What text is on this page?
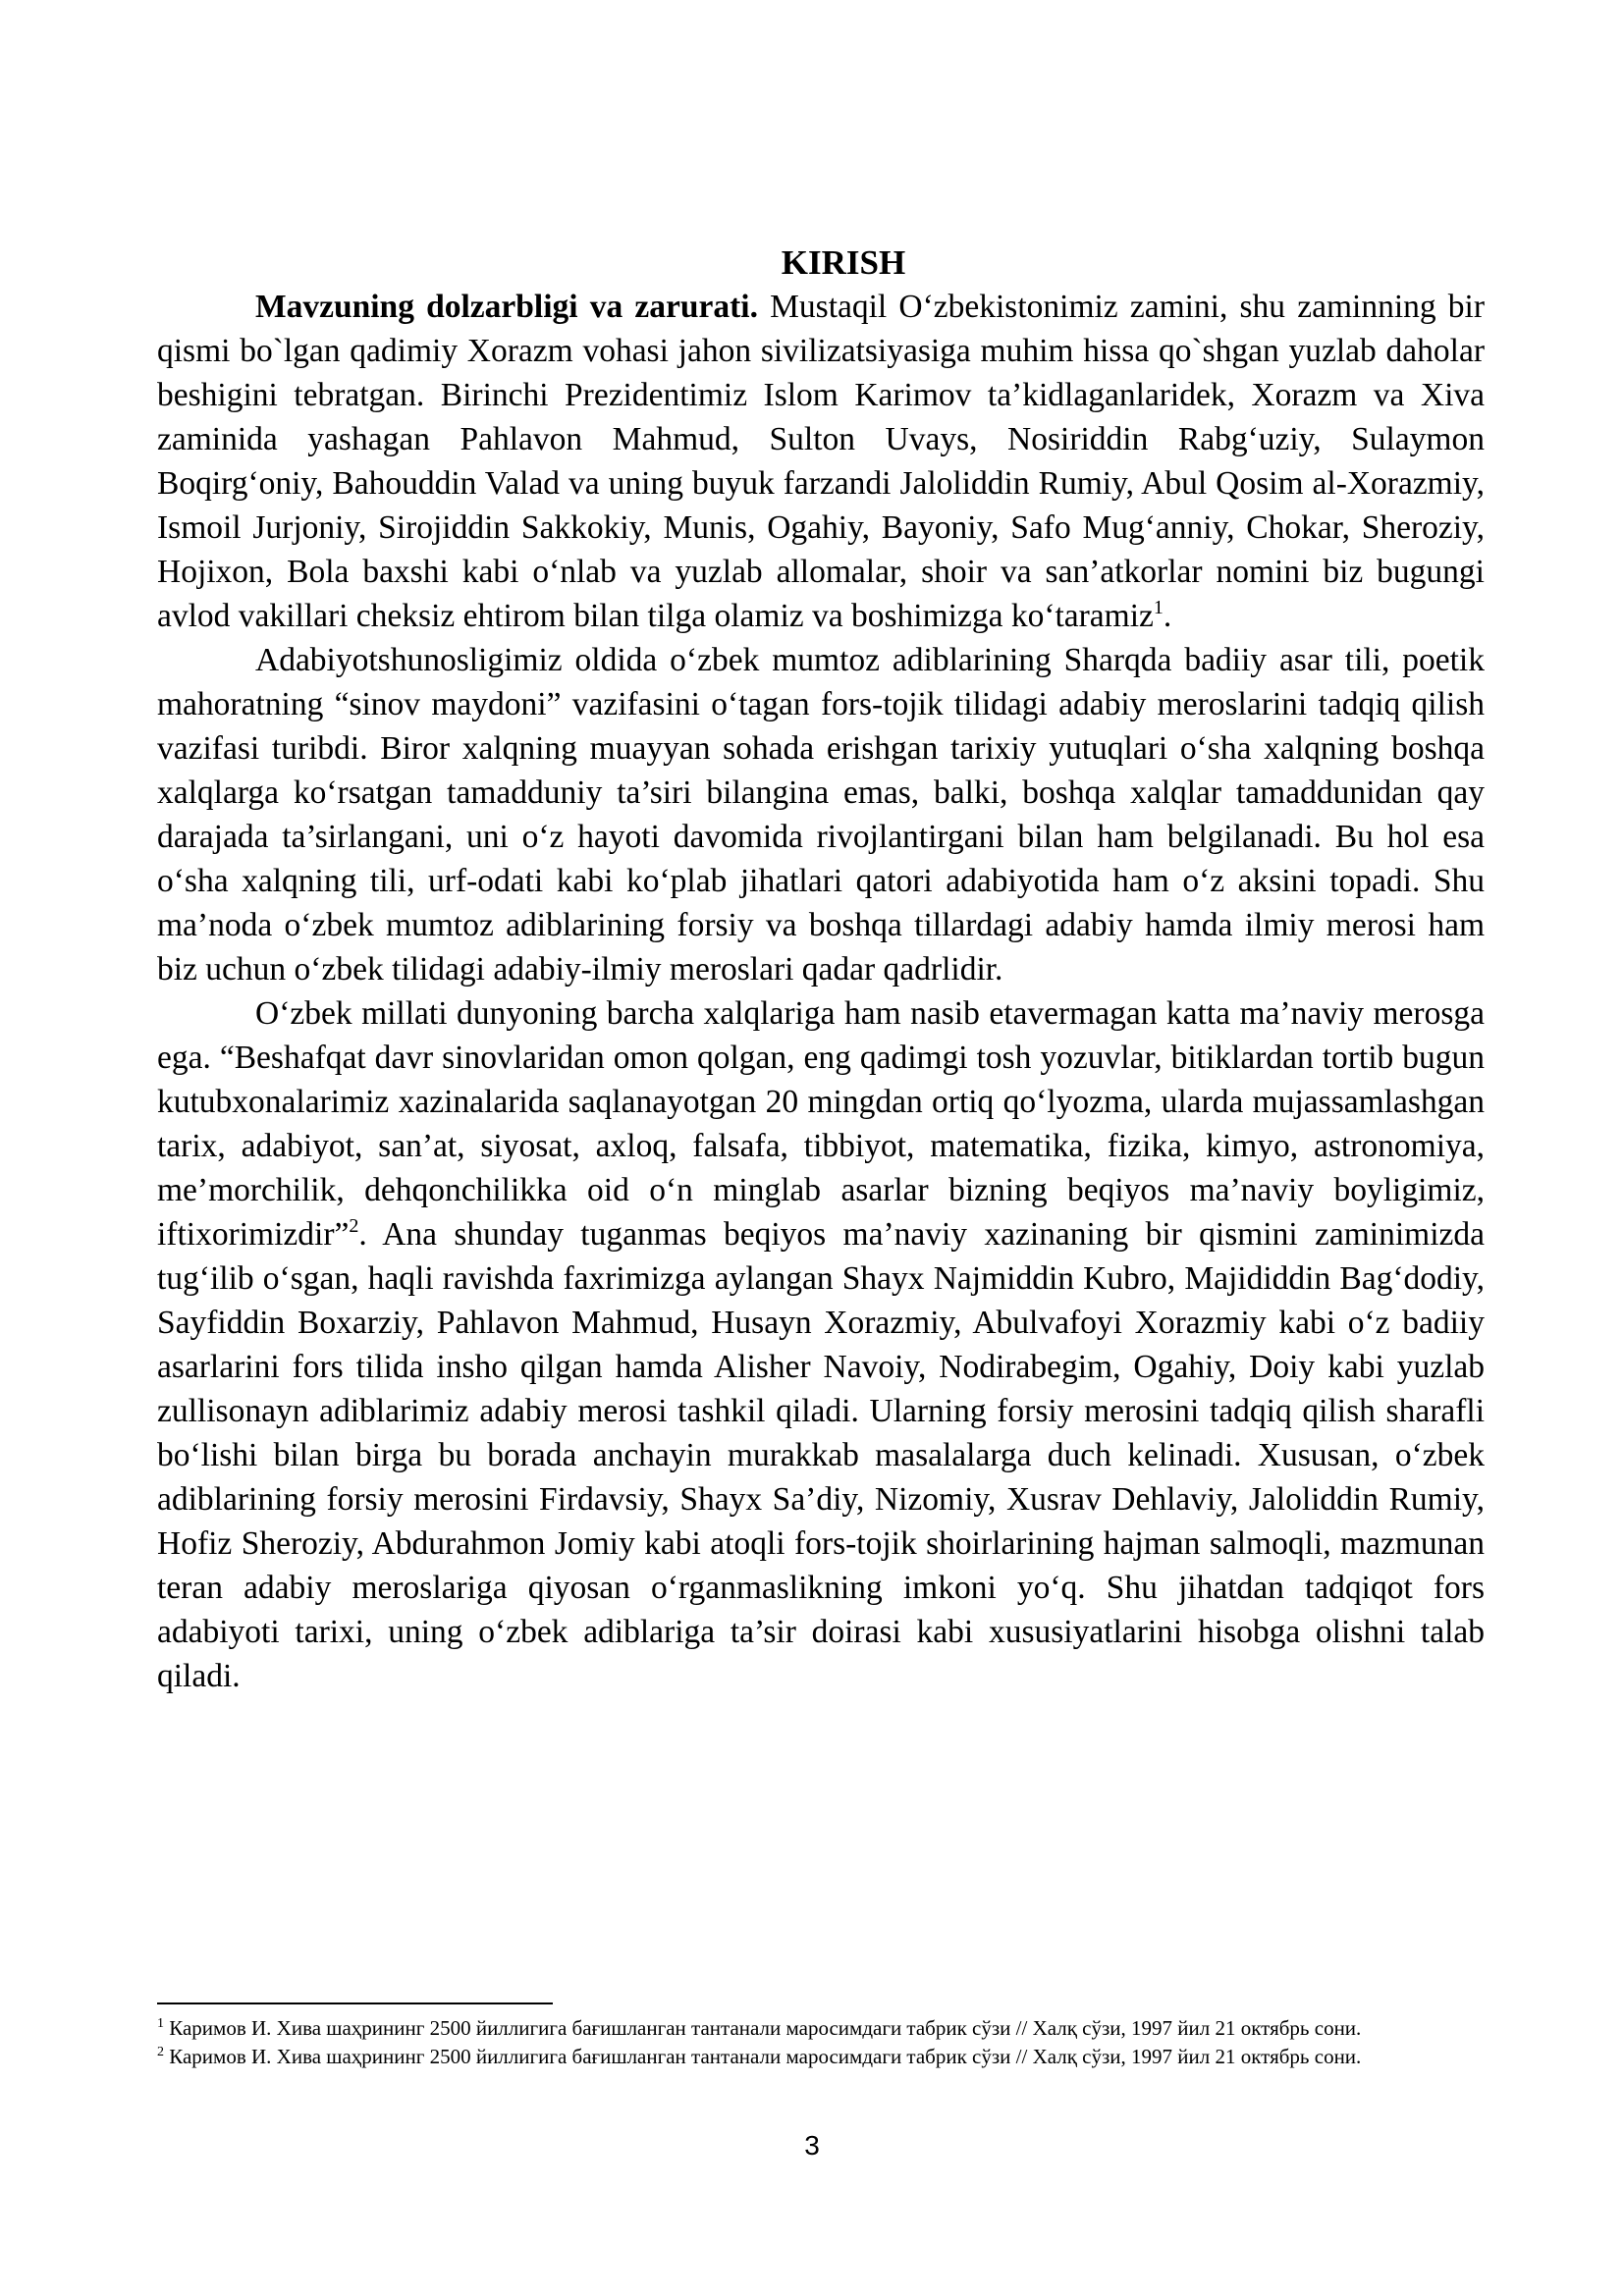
KIRISH

Mavzuning dolzarbligi va zarurati. Mustaqil O‘zbekistonimiz zamini, shu zaminning bir qismi bo`lgan qadimiy Xorazm vohasi jahon sivilizatsiyasiga muhim hissa qo`shgan yuzlab daholar beshigini tebratgan. Birinchi Prezidentimiz Islom Karimov ta’kidlaganlaridek, Xorazm va Xiva zaminida yashagan Pahlavon Mahmud, Sulton Uvays, Nosiriddin Rabg‘uziy, Sulaymon Boqirg‘oniy, Bahouddin Valad va uning buyuk farzandi Jaloliddin Rumiy, Abul Qosim al-Xorazmiy, Ismoil Jurjoniy, Sirojiddin Sakkokiy, Munis, Ogahiy, Bayoniy, Safo Mug‘anniy, Chokar, Sheroziy, Hojixon, Bola baxshi kabi o‘nlab va yuzlab allomalar, shoir va san’atkorlar nomini biz bugungi avlod vakillari cheksiz ehtirom bilan tilga olamiz va boshimizga ko‘taramiz$^1$.

Adabiyotshunosligimiz oldida o‘zbek mumtoz adiblarining Sharqda badiiy asar tili, poetik mahoratning “sinov maydoni” vazifasini o‘tagan fors-tojik tilidagi adabiy meroslarini tadqiq qilish vazifasi turibdi. Biror xalqning muayyan sohada erishgan tarixiy yutuqlari o‘sha xalqning boshqa xalqlarga ko‘rsatgan tamadduniy ta’siri bilangina emas, balki, boshqa xalqlar tamaddunidan qay darajada ta’sirlangani, uni o‘z hayoti davomida rivojlantirgani bilan ham belgilanadi. Bu hol esa o‘sha xalqning tili, urf-odati kabi ko‘plab jihatlari qatori adabiyotida ham o‘z aksini topadi. Shu ma’noda o‘zbek mumtoz adiblarining forsiy va boshqa tillardagi adabiy hamda ilmiy merosi ham biz uchun o‘zbek tilidagi adabiy-ilmiy meroslari qadar qadrlidir.

O‘zbek millati dunyoning barcha xalqlariga ham nasib etavermagan katta ma’naviy merosga ega. “Beshafqat davr sinovlaridan omon qolgan, eng qadimgi tosh yozuvlar, bitiklardan tortib bugun kutubxonalarimiz xazinalarida saqlanayotgan 20 mingdan ortiq qo‘lyozma, ularda mujassamlashgan tarix, adabiyot, san’at, siyosat, axloq, falsafa, tibbiyot, matematika, fizika, kimyo, astronomiya, me’morchilik, dehqonchilikka oid o‘n minglab asarlar bizning beqiyos ma’naviy boyligimiz, iftixorimizdir”$^2$. Ana shunday tuganmas beqiyos ma’naviy xazinaning bir qismini zaminimizda tug‘ilib o‘sgan, haqli ravishda faxrimizga aylangan Shayx Najmiddin Kubro, Majididdin Bag‘dodiy, Sayfiddin Boxarziy, Pahlavon Mahmud, Husayn Xorazmiy, Abulvafoyi Xorazmiy kabi o‘z badiiy asarlarini fors tilida insho qilgan hamda Alisher Navoiy, Nodirabegim, Ogahiy, Doiy kabi yuzlab zullisonayn adiblarimiz adabiy merosi tashkil qiladi. Ularning forsiy merosini tadqiq qilish sharafli bo‘lishi bilan birga bu borada anchayin murakkab masalalarga duch kelinadi. Xususan, o‘zbek adiblarining forsiy merosini Firdavsiy, Shayx Sa’diy, Nizomiy, Xusrav Dehlaviy, Jaloliddin Rumiy, Hofiz Sheroziy, Abdurahmon Jomiy kabi atoqli fors-tojik shoirlarining hajman salmoqli, mazmunan teran adabiy meroslariga qiyosan o‘rganmaslikning imkoni yo‘q. Shu jihatdan tadqiqot fors adabiyoti tarixi, uning o‘zbek adiblariga ta’sir doirasi kabi xususiyatlarini hisobga olishni talab qiladi.

$^1$ Каримов И. Хива шаҳрининг 2500 йиллигига бағишланган тантанали маросимдаги табрик сўзи // Халқ сўзи, 1997 йил 21 октябрь сони.

$^2$ Каримов И. Хива шаҳрининг 2500 йиллигига бағишланган тантанали маросимдаги табрик сўзи // Халқ сўзи, 1997 йил 21 октябрь сони.

3
